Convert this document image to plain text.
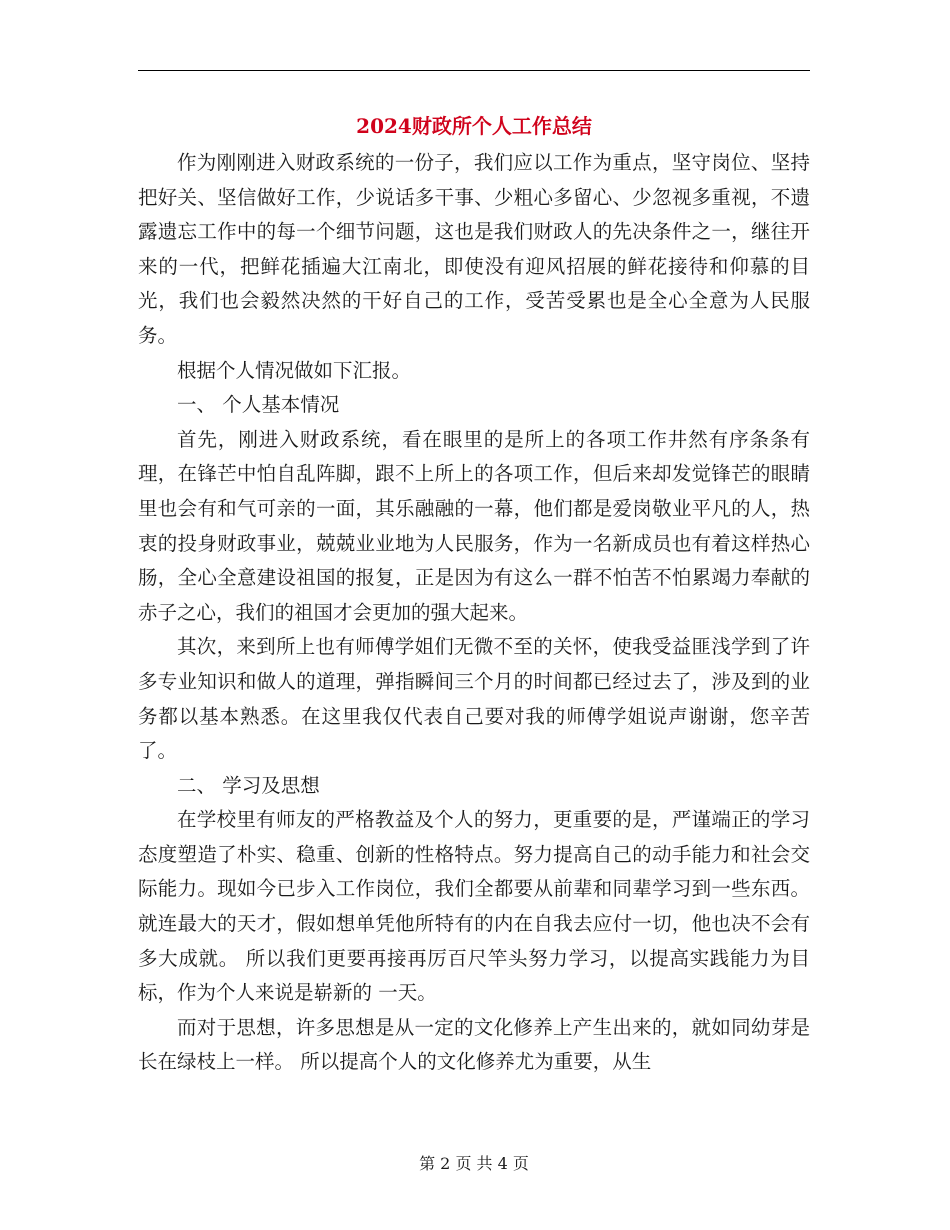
2024财政所个人工作总结

作为刚刚进入财政系统的一份子，我们应以工作为重点，坚守岗位、坚持把好关、坚信做好工作，少说话多干事、少粗心多留心、少忽视多重视，不遗露遗忘工作中的每一个细节问题，这也是我们财政人的先决条件之一，继往开来的一代，把鲜花插遍大江南北，即使没有迎风招展的鲜花接待和仰慕的目光，我们也会毅然决然的干好自己的工作，受苦受累也是全心全意为人民服务。

根据个人情况做如下汇报。

一、 个人基本情况

首先，刚进入财政系统，看在眼里的是所上的各项工作井然有序条条有理，在锋芒中怕自乱阵脚，跟不上所上的各项工作，但后来却发觉锋芒的眼睛里也会有和气可亲的一面，其乐融融的一幕，他们都是爱岗敬业平凡的人，热衷的投身财政事业，兢兢业业地为人民服务，作为一名新成员也有着这样热心肠，全心全意建设祖国的报复，正是因为有这么一群不怕苦不怕累竭力奉献的赤子之心，我们的祖国才会更加的强大起来。

其次，来到所上也有师傅学姐们无微不至的关怀，使我受益匪浅学到了许多专业知识和做人的道理，弹指瞬间三个月的时间都已经过去了，涉及到的业务都以基本熟悉。在这里我仅代表自己要对我的师傅学姐说声谢谢，您辛苦了。

二、 学习及思想

在学校里有师友的严格教益及个人的努力，更重要的是，严谨端正的学习态度塑造了朴实、稳重、创新的性格特点。努力提高自己的动手能力和社会交际能力。现如今已步入工作岗位，我们全都要从前辈和同辈学习到一些东西。就连最大的天才，假如想单凭他所特有的内在自我去应付一切，他也决不会有多大成就。 所以我们更要再接再厉百尺竿头努力学习，以提高实践能力为目标，作为个人来说是崭新的 一天。

而对于思想，许多思想是从一定的文化修养上产生出来的，就如同幼芽是长在绿枝上一样。 所以提高个人的文化修养尤为重要，从生

第 2 页 共 4 页
